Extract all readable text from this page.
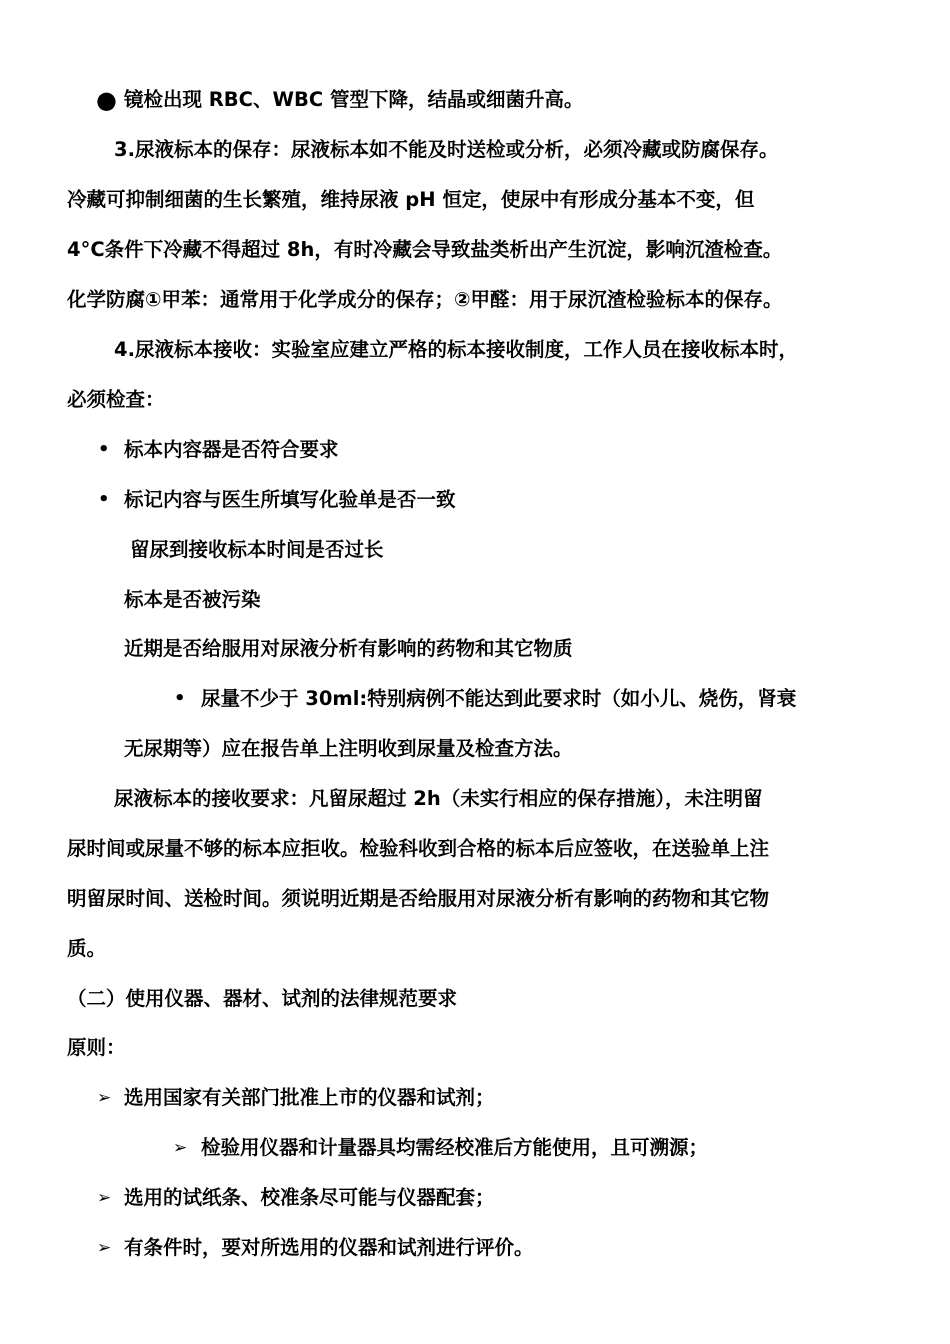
● 镜检出现 RBC、WBC 管型下降，结晶或细菌升高。
3.尿液标本的保存：尿液标本如不能及时送检或分析，必须冷藏或防腐保存。
冷藏可抑制细菌的生长繁殖，维持尿液 pH 恒定，使尿中有形成分基本不变，但
4°C条件下冷藏不得超过 8h，有时冷藏会导致盐类析出产生沉淀，影响沉渣检查。
化学防腐①甲苯：通常用于化学成分的保存；②甲醛：用于尿沉渣检验标本的保存。
4.尿液标本接收：实验室应建立严格的标本接收制度，工作人员在接收标本时，
必须检查：
• 标本内容器是否符合要求
• 标记内容与医生所填写化验单是否一致
留尿到接收标本时间是否过长
标本是否被污染
近期是否给服用对尿液分析有影响的药物和其它物质
• 尿量不少于 30ml:特别病例不能达到此要求时（如小儿、烧伤，肾衰
无尿期等）应在报告单上注明收到尿量及检查方法。
尿液标本的接收要求：凡留尿超过 2h（未实行相应的保存措施），未注明留
尿时间或尿量不够的标本应拒收。检验科收到合格的标本后应签收，在送验单上注
明留尿时间、送检时间。须说明近期是否给服用对尿液分析有影响的药物和其它物
质。
（二）使用仪器、器材、试剂的法律规范要求
原则：
➢ 选用国家有关部门批准上市的仪器和试剂；
➢ 检验用仪器和计量器具均需经校准后方能使用，且可溯源；
➢ 选用的试纸条、校准条尽可能与仪器配套；
➢ 有条件时，要对所选用的仪器和试剂进行评价。
